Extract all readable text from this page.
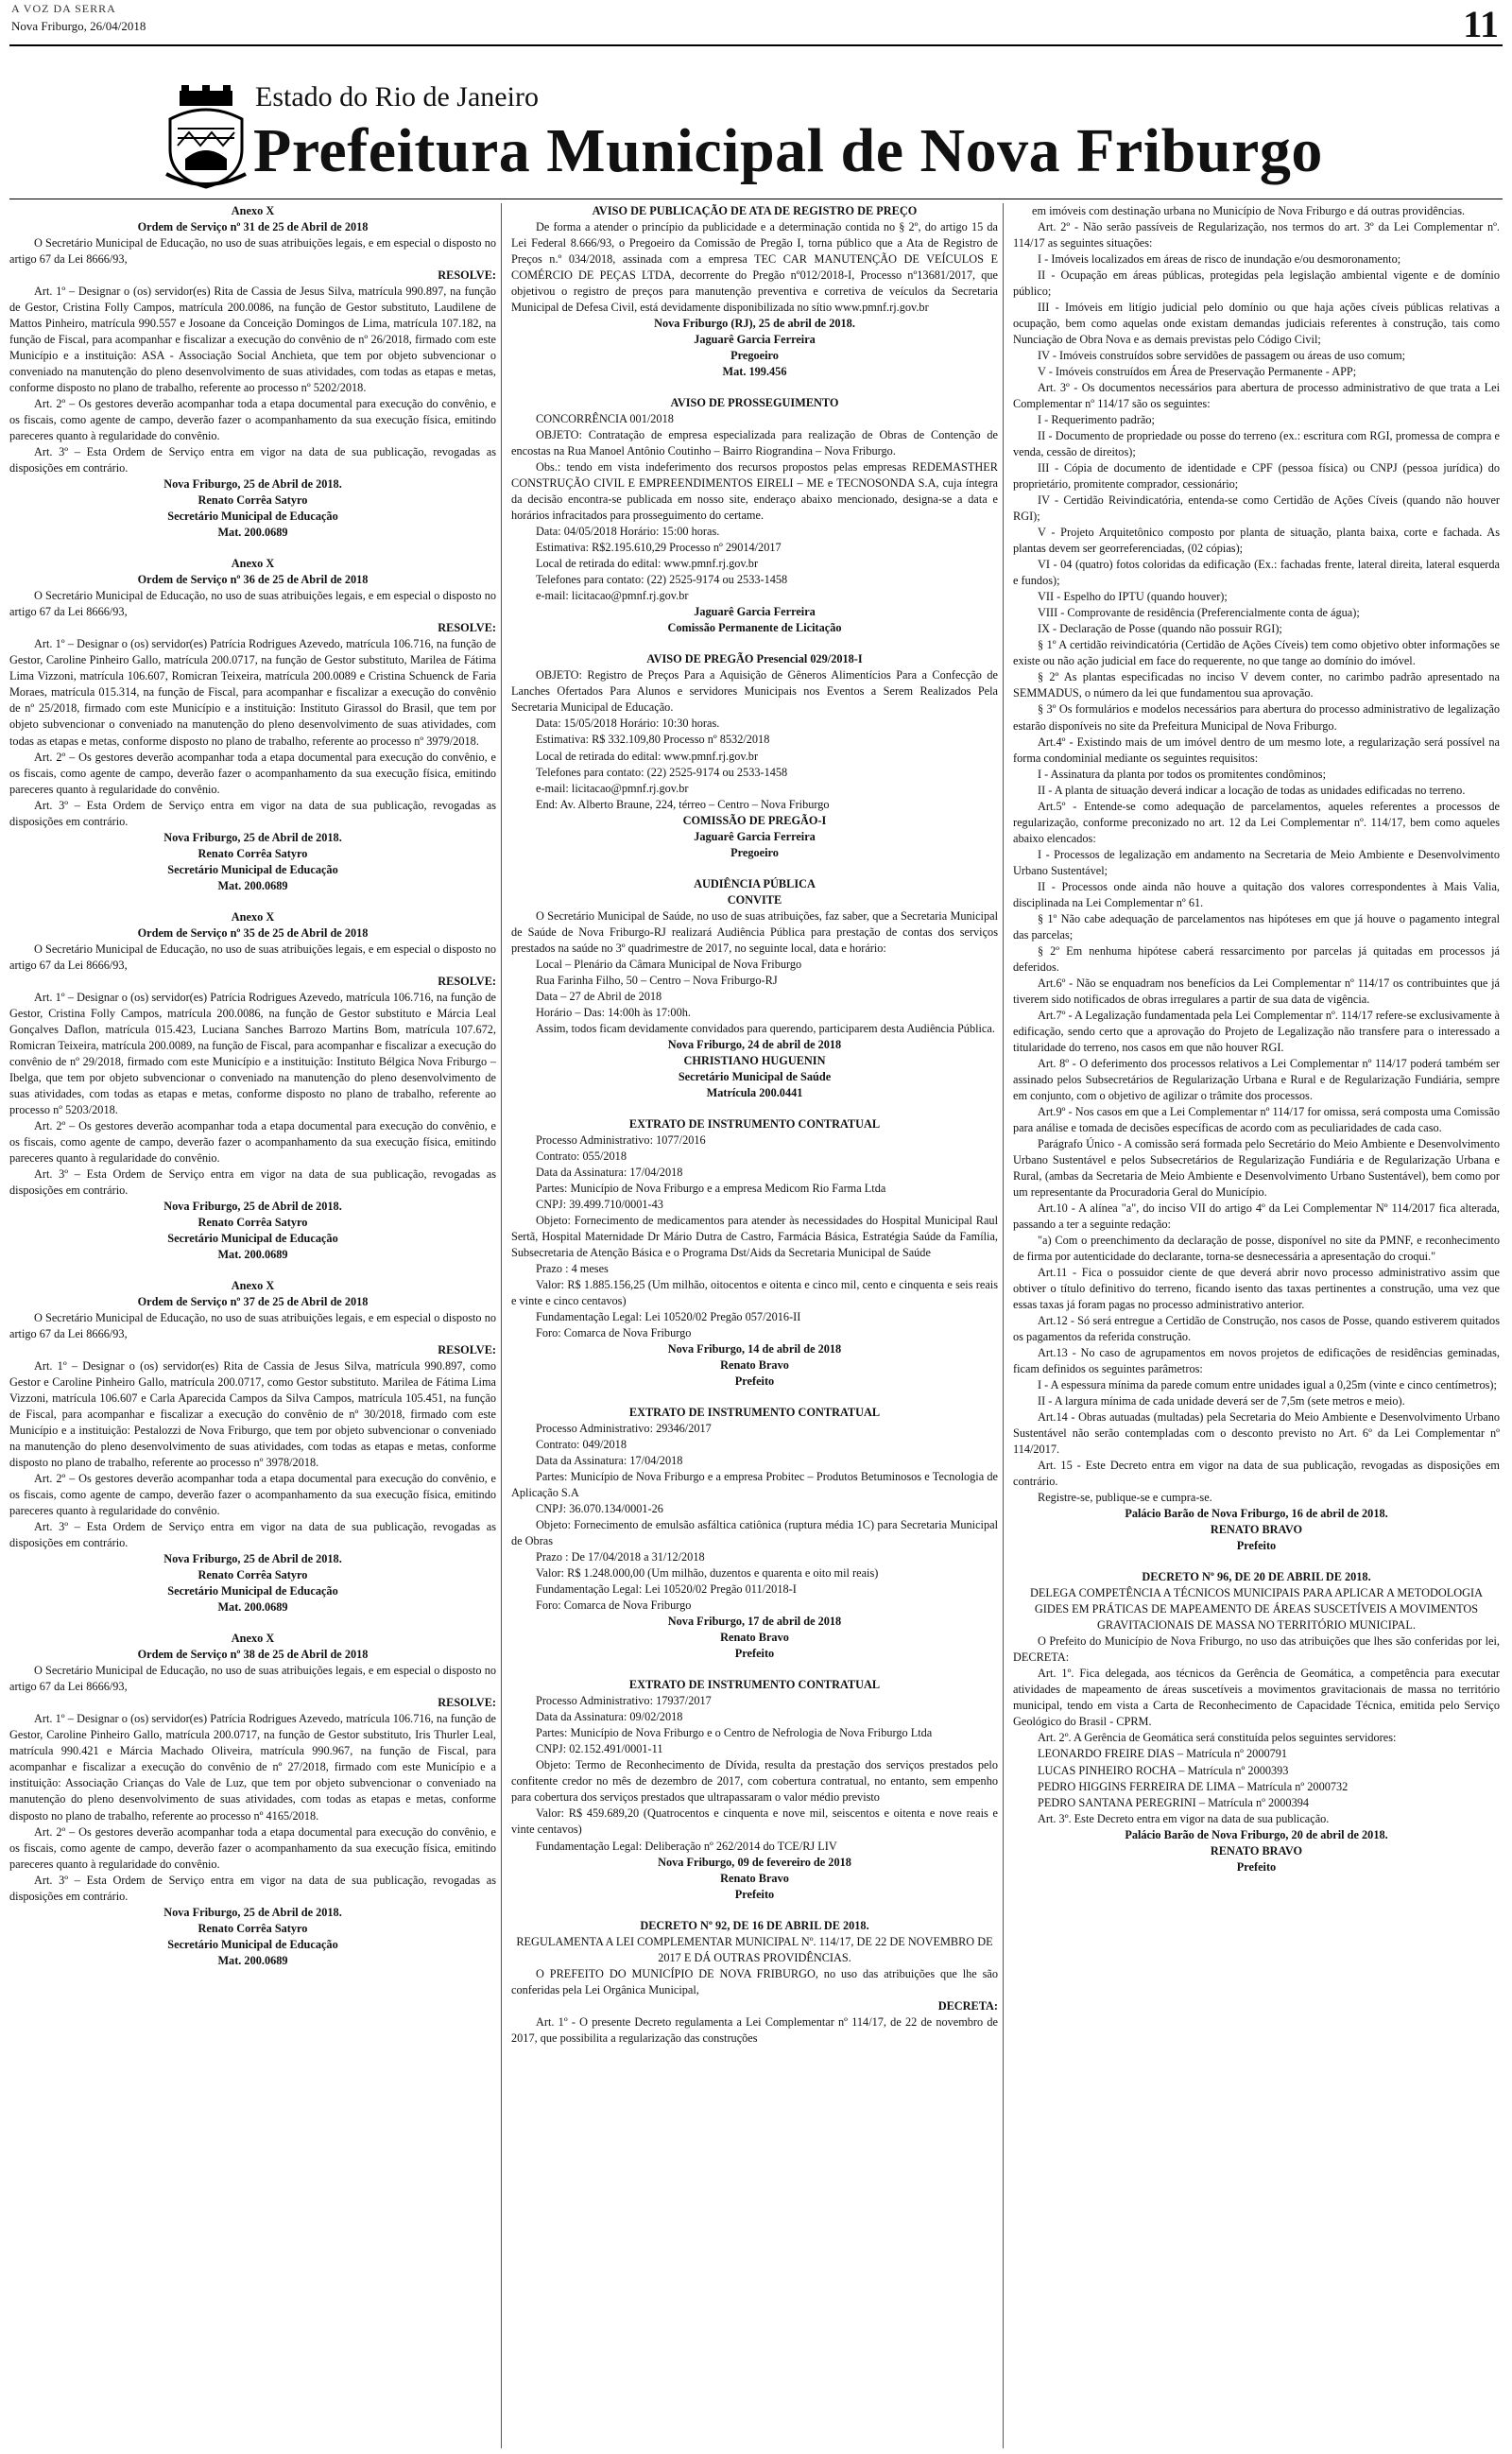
A VOZ DA SERRA
Nova Friburgo, 26/04/2018	11
Estado do Rio de Janeiro
Prefeitura Municipal de Nova Friburgo

Anexo X

Ordem de Serviço nº 31 de 25 de Abril de 2018

O Secretário Municipal de Educação, no uso de suas atribuições legais, e em especial o disposto no artigo 67 da Lei 8666/93,

RESOLVE:

Art. 1º – Designar o (os) servidor(es) Rita de Cassia de Jesus Silva, matrícula 990.897, na função de Gestor, Cristina Folly Campos, matrícula 200.0086, na função de Gestor substituto, Laudilene de Mattos Pinheiro, matrícula 990.557 e Josoane da Conceição Domingos de Lima, matrícula 107.182, na função de Fiscal, para acompanhar e fiscalizar a execução do convênio de nº 26/2018, firmado com este Município e a instituição: ASA - Associação Social Anchieta, que tem por objeto subvencionar o conveniado na manutenção do pleno desenvolvimento de suas atividades, com todas as etapas e metas, conforme disposto no plano de trabalho, referente ao processo nº 5202/2018.

Art. 2º – Os gestores deverão acompanhar toda a etapa documental para execução do convênio, e os fiscais, como agente de campo, deverão fazer o acompanhamento da sua execução física, emitindo pareceres quanto à regularidade do convênio.

Art. 3º – Esta Ordem de Serviço entra em vigor na data de sua publicação, revogadas as disposições em contrário.

Nova Friburgo, 25 de Abril de 2018.

Renato Corrêa Satyro

Secretário Municipal de Educação

Mat. 200.0689

Anexo X

Ordem de Serviço nº 36 de 25 de Abril de 2018

O Secretário Municipal de Educação, no uso de suas atribuições legais, e em especial o disposto no artigo 67 da Lei 8666/93,

RESOLVE:

Art. 1º – Designar o (os) servidor(es) Patrícia Rodrigues Azevedo, matrícula 106.716, na função de Gestor, Caroline Pinheiro Gallo, matrícula 200.0717, na função de Gestor substituto, Marilea de Fátima Lima Vizzoni, matrícula 106.607, Romicran Teixeira, matrícula 200.0089 e Cristina Schuenck de Faria Moraes, matrícula 015.314, na função de Fiscal, para acompanhar e fiscalizar a execução do convênio de nº 25/2018, firmado com este Município e a instituição: Instituto Girassol do Brasil, que tem por objeto subvencionar o conveniado na manutenção do pleno desenvolvimento de suas atividades, com todas as etapas e metas, conforme disposto no plano de trabalho, referente ao processo nº 3979/2018.

Art. 2º – Os gestores deverão acompanhar toda a etapa documental para execução do convênio, e os fiscais, como agente de campo, deverão fazer o acompanhamento da sua execução física, emitindo pareceres quanto à regularidade do convênio.

Art. 3º – Esta Ordem de Serviço entra em vigor na data de sua publicação, revogadas as disposições em contrário.

Nova Friburgo, 25 de Abril de 2018.

Renato Corrêa Satyro

Secretário Municipal de Educação

Mat. 200.0689

Anexo X

Ordem de Serviço nº 35 de 25 de Abril de 2018

O Secretário Municipal de Educação, no uso de suas atribuições legais, e em especial o disposto no artigo 67 da Lei 8666/93,

RESOLVE:

Art. 1º – Designar o (os) servidor(es) Patrícia Rodrigues Azevedo, matrícula 106.716, na função de Gestor, Cristina Folly Campos, matrícula 200.0086, na função de Gestor substituto e Márcia Leal Gonçalves Daflon, matrícula 015.423, Luciana Sanches Barrozo Martins Bom, matrícula 107.672, Romicran Teixeira, matrícula 200.0089, na função de Fiscal, para acompanhar e fiscalizar a execução do convênio de nº 29/2018, firmado com este Município e a instituição: Instituto Bélgica Nova Friburgo – Ibelga, que tem por objeto subvencionar o conveniado na manutenção do pleno desenvolvimento de suas atividades, com todas as etapas e metas, conforme disposto no plano de trabalho, referente ao processo nº 5203/2018.

Art. 2º – Os gestores deverão acompanhar toda a etapa documental para execução do convênio, e os fiscais, como agente de campo, deverão fazer o acompanhamento da sua execução física, emitindo pareceres quanto à regularidade do convênio.

Art. 3º – Esta Ordem de Serviço entra em vigor na data de sua publicação, revogadas as disposições em contrário.

Nova Friburgo, 25 de Abril de 2018.

Renato Corrêa Satyro

Secretário Municipal de Educação

Mat. 200.0689

Anexo X

Ordem de Serviço nº 37 de 25 de Abril de 2018

O Secretário Municipal de Educação, no uso de suas atribuições legais, e em especial o disposto no artigo 67 da Lei 8666/93,

RESOLVE:

Art. 1º – Designar o (os) servidor(es) Rita de Cassia de Jesus Silva, matrícula 990.897, como Gestor e Caroline Pinheiro Gallo, matrícula 200.0717, como Gestor substituto. Marilea de Fátima Lima Vizzoni, matrícula 106.607 e Carla Aparecida Campos da Silva Campos, matrícula 105.451, na função de Fiscal, para acompanhar e fiscalizar a execução do convênio de nº 30/2018, firmado com este Município e a instituição: Pestalozzi de Nova Friburgo, que tem por objeto subvencionar o conveniado na manutenção do pleno desenvolvimento de suas atividades, com todas as etapas e metas, conforme disposto no plano de trabalho, referente ao processo nº 3978/2018.

Art. 2º – Os gestores deverão acompanhar toda a etapa documental para execução do convênio, e os fiscais, como agente de campo, deverão fazer o acompanhamento da sua execução física, emitindo pareceres quanto à regularidade do convênio.

Art. 3º – Esta Ordem de Serviço entra em vigor na data de sua publicação, revogadas as disposições em contrário.

Nova Friburgo, 25 de Abril de 2018.

Renato Corrêa Satyro

Secretário Municipal de Educação

Mat. 200.0689

Anexo X

Ordem de Serviço nº 38 de 25 de Abril de 2018

O Secretário Municipal de Educação, no uso de suas atribuições legais, e em especial o disposto no artigo 67 da Lei 8666/93,

RESOLVE:

Art. 1º – Designar o (os) servidor(es) Patrícia Rodrigues Azevedo, matrícula 106.716, na função de Gestor, Caroline Pinheiro Gallo, matrícula 200.0717, na função de Gestor substituto, Iris Thurler Leal, matrícula 990.421 e Márcia Machado Oliveira, matrícula 990.967, na função de Fiscal, para acompanhar e fiscalizar a execução do convênio de nº 27/2018, firmado com este Município e a instituição: Associação Crianças do Vale de Luz, que tem por objeto subvencionar o conveniado na manutenção do pleno desenvolvimento de suas atividades, com todas as etapas e metas, conforme disposto no plano de trabalho, referente ao processo nº 4165/2018.

Art. 2º – Os gestores deverão acompanhar toda a etapa documental para execução do convênio, e os fiscais, como agente de campo, deverão fazer o acompanhamento da sua execução física, emitindo pareceres quanto à regularidade do convênio.

Art. 3º – Esta Ordem de Serviço entra em vigor na data de sua publicação, revogadas as disposições em contrário.

Nova Friburgo, 25 de Abril de 2018.

Renato Corrêa Satyro

Secretário Municipal de Educação

Mat. 200.0689

AVISO DE PUBLICAÇÃO DE ATA DE REGISTRO DE PREÇO

De forma a atender o princípio da publicidade e a determinação contida no § 2º, do artigo 15 da Lei Federal 8.666/93, o Pregoeiro da Comissão de Pregão I, torna público que a Ata de Registro de Preços n.º 034/2018, assinada com a empresa TEC CAR MANUTENÇÃO DE VEÍCULOS E COMÉRCIO DE PEÇAS LTDA, decorrente do Pregão nº012/2018-I, Processo nº13681/2017, que objetivou o registro de preços para manutenção preventiva e corretiva de veículos da Secretaria Municipal de Defesa Civil, está devidamente disponibilizada no sítio www.pmnf.rj.gov.br

Nova Friburgo (RJ), 25 de abril de 2018.

Jaguarê Garcia Ferreira

Pregoeiro

Mat. 199.456

AVISO DE PROSSEGUIMENTO

CONCORRÊNCIA 001/2018

OBJETO: Contratação de empresa especializada para realização de Obras de Contenção de encostas na Rua Manoel Antônio Coutinho – Bairro Riograndina – Nova Friburgo.

Obs.: tendo em vista indeferimento dos recursos propostos pelas empresas REDEMASTHER CONSTRUÇÃO CIVIL E EMPREENDIMENTOS EIRELI – ME e TECNOSONDA S.A, cuja íntegra da decisão encontra-se publicada em nosso site, enderaço abaixo mencionado, designa-se a data e horários infracitados para prosseguimento do certame.

Data: 04/05/2018 Horário: 15:00 horas.

Estimativa: R$2.195.610,29 Processo nº 29014/2017

Local de retirada do edital: www.pmnf.rj.gov.br

Telefones para contato: (22) 2525-9174 ou 2533-1458

e-mail: licitacao@pmnf.rj.gov.br

Jaguarê Garcia Ferreira

Comissão Permanente de Licitação

AVISO DE PREGÃO Presencial 029/2018-I

OBJETO: Registro de Preços Para a Aquisição de Gêneros Alimentícios Para a Confecção de Lanches Ofertados Para Alunos e servidores Municipais nos Eventos a Serem Realizados Pela Secretaria Municipal de Educação.

Data: 15/05/2018 Horário: 10:30 horas.

Estimativa: R$ 332.109,80 Processo nº 8532/2018

Local de retirada do edital: www.pmnf.rj.gov.br

Telefones para contato: (22) 2525-9174 ou 2533-1458

e-mail: licitacao@pmnf.rj.gov.br

End: Av. Alberto Braune, 224, térreo – Centro – Nova Friburgo

COMISSÃO DE PREGÃO-I

Jaguarê Garcia Ferreira

Pregoeiro

AUDIÊNCIA PÚBLICA

CONVITE

O Secretário Municipal de Saúde, no uso de suas atribuições, faz saber, que a Secretaria Municipal de Saúde de Nova Friburgo-RJ realizará Audiência Pública para prestação de contas dos serviços prestados na saúde no 3º quadrimestre de 2017, no seguinte local, data e horário:

Local – Plenário da Câmara Municipal de Nova Friburgo

Rua Farinha Filho, 50 – Centro – Nova Friburgo-RJ

Data – 27 de Abril de 2018

Horário – Das: 14:00h às 17:00h.

Assim, todos ficam devidamente convidados para querendo, participarem desta Audiência Pública.

Nova Friburgo, 24 de abril de 2018

CHRISTIANO HUGUENIN

Secretário Municipal de Saúde

Matrícula 200.0441

EXTRATO DE INSTRUMENTO CONTRATUAL

Processo Administrativo: 1077/2016

Contrato: 055/2018

Data da Assinatura: 17/04/2018

Partes: Município de Nova Friburgo e a empresa Medicom Rio Farma Ltda

CNPJ: 39.499.710/0001-43

Objeto: Fornecimento de medicamentos para atender às necessidades do Hospital Municipal Raul Sertã, Hospital Maternidade Dr Mário Dutra de Castro, Farmácia Básica, Estratégia Saúde da Família, Subsecretaria de Atenção Básica e o Programa Dst/Aids da Secretaria Municipal de Saúde

Prazo : 4 meses

Valor: R$ 1.885.156,25 (Um milhão, oitocentos e oitenta e cinco mil, cento e cinquenta e seis reais e vinte e cinco centavos)

Fundamentação Legal: Lei 10520/02 Pregão 057/2016-II

Foro: Comarca de Nova Friburgo

Nova Friburgo, 14 de abril de 2018

Renato Bravo

Prefeito

EXTRATO DE INSTRUMENTO CONTRATUAL

Processo Administrativo: 29346/2017

Contrato: 049/2018

Data da Assinatura: 17/04/2018

Partes: Município de Nova Friburgo e a empresa Probitec – Produtos Betuminosos e Tecnologia de Aplicação S.A

CNPJ: 36.070.134/0001-26

Objeto: Fornecimento de emulsão asfáltica catiônica (ruptura média 1C) para Secretaria Municipal de Obras

Prazo : De 17/04/2018 a 31/12/2018

Valor: R$ 1.248.000,00 (Um milhão, duzentos e quarenta e oito mil reais)

Fundamentação Legal: Lei 10520/02 Pregão 011/2018-I

Foro: Comarca de Nova Friburgo

Nova Friburgo, 17 de abril de 2018

Renato Bravo

Prefeito

EXTRATO DE INSTRUMENTO CONTRATUAL

Processo Administrativo: 17937/2017

Data da Assinatura: 09/02/2018

Partes: Município de Nova Friburgo e o Centro de Nefrologia de Nova Friburgo Ltda

CNPJ: 02.152.491/0001-11

Objeto: Termo de Reconhecimento de Dívida, resulta da prestação dos serviços prestados pelo confitente credor no mês de dezembro de 2017, com cobertura contratual, no entanto, sem empenho para cobertura dos serviços prestados que ultrapassaram o valor médio previsto

Valor: R$ 459.689,20 (Quatrocentos e cinquenta e nove mil, seiscentos e oitenta e nove reais e vinte centavos)

Fundamentação Legal: Deliberação nº 262/2014 do TCE/RJ LIV

Nova Friburgo, 09 de fevereiro de 2018

Renato Bravo

Prefeito

DECRETO Nº 92, DE 16 DE ABRIL DE 2018.

REGULAMENTA A LEI COMPLEMENTAR MUNICIPAL Nº. 114/17, DE 22 DE NOVEMBRO DE 2017 E DÁ OUTRAS PROVIDÊNCIAS.

O PREFEITO DO MUNICÍPIO DE NOVA FRIBURGO, no uso das atribuições que lhe são conferidas pela Lei Orgânica Municipal,

DECRETA:

Art. 1º - O presente Decreto regulamenta a Lei Complementar nº 114/17, de 22 de novembro de 2017, que possibilita a regularização das construções

em imóveis com destinação urbana no Município de Nova Friburgo e dá outras providências.

Art. 2º - Não serão passíveis de Regularização, nos termos do art. 3º da Lei Complementar nº. 114/17 as seguintes situações:

I - Imóveis localizados em áreas de risco de inundação e/ou desmoronamento;

II - Ocupação em áreas públicas, protegidas pela legislação ambiental vigente e de domínio público;

III - Imóveis em litígio judicial pelo domínio ou que haja ações cíveis públicas relativas a ocupação, bem como aquelas onde existam demandas judiciais referentes à construção, tais como Nunciação de Obra Nova e as demais previstas pelo Código Civil;

IV - Imóveis construídos sobre servidões de passagem ou áreas de uso comum;

V - Imóveis construídos em Área de Preservação Permanente - APP;

Art. 3º - Os documentos necessários para abertura de processo administrativo de que trata a Lei Complementar nº 114/17 são os seguintes:

I - Requerimento padrão;

II - Documento de propriedade ou posse do terreno (ex.: escritura com RGI, promessa de compra e venda, cessão de direitos);

III - Cópia de documento de identidade e CPF (pessoa física) ou CNPJ (pessoa jurídica) do proprietário, promitente comprador, cessionário;

IV - Certidão Reivindicatória, entenda-se como Certidão de Ações Cíveis (quando não houver RGI);

V - Projeto Arquitetônico composto por planta de situação, planta baixa, corte e fachada. As plantas devem ser georreferenciadas, (02 cópias);

VI - 04 (quatro) fotos coloridas da edificação (Ex.: fachadas frente, lateral direita, lateral esquerda e fundos);

VII - Espelho do IPTU (quando houver);

VIII - Comprovante de residência (Preferencialmente conta de água);

IX - Declaração de Posse (quando não possuir RGI);

§ 1º A certidão reivindicatória (Certidão de Ações Cíveis) tem como objetivo obter informações se existe ou não ação judicial em face do requerente, no que tange ao domínio do imóvel.

§ 2º As plantas especificadas no inciso V devem conter, no carimbo padrão apresentado na SEMMADUS, o número da lei que fundamentou sua aprovação.

§ 3º Os formulários e modelos necessários para abertura do processo administrativo de legalização estarão disponíveis no site da Prefeitura Municipal de Nova Friburgo.

Art.4º - Existindo mais de um imóvel dentro de um mesmo lote, a regularização será possível na forma condominial mediante os seguintes requisitos:

I - Assinatura da planta por todos os promitentes condôminos;

II - A planta de situação deverá indicar a locação de todas as unidades edificadas no terreno.

Art.5º - Entende-se como adequação de parcelamentos, aqueles referentes a processos de regularização, conforme preconizado no art. 12 da Lei Complementar nº. 114/17, bem como aqueles abaixo elencados:

I - Processos de legalização em andamento na Secretaria de Meio Ambiente e Desenvolvimento Urbano Sustentável;

II - Processos onde ainda não houve a quitação dos valores correspondentes à Mais Valia, disciplinada na Lei Complementar nº 61.

§ 1º Não cabe adequação de parcelamentos nas hipóteses em que já houve o pagamento integral das parcelas;

§ 2º Em nenhuma hipótese caberá ressarcimento por parcelas já quitadas em processos já deferidos.

Art.6º - Não se enquadram nos benefícios da Lei Complementar nº 114/17 os contribuintes que já tiverem sido notificados de obras irregulares a partir de sua data de vigência.

Art.7º - A Legalização fundamentada pela Lei Complementar nº. 114/17 refere-se exclusivamente à edificação, sendo certo que a aprovação do Projeto de Legalização não transfere para o interessado a titularidade do terreno, nos casos em que não houver RGI.

Art. 8º - O deferimento dos processos relativos a Lei Complementar nº 114/17 poderá também ser assinado pelos Subsecretários de Regularização Urbana e Rural e de Regularização Fundiária, sempre em conjunto, com o objetivo de agilizar o trâmite dos processos.

Art.9º - Nos casos em que a Lei Complementar nº 114/17 for omissa, será composta uma Comissão para análise e tomada de decisões específicas de acordo com as peculiaridades de cada caso.

Parágrafo Único - A comissão será formada pelo Secretário do Meio Ambiente e Desenvolvimento Urbano Sustentável e pelos Subsecretários de Regularização Fundiária e de Regularização Urbana e Rural, (ambas da Secretaria de Meio Ambiente e Desenvolvimento Urbano Sustentável), bem como por um representante da Procuradoria Geral do Município.

Art.10 - A alínea "a", do inciso VII do artigo 4º da Lei Complementar Nº 114/2017 fica alterada, passando a ter a seguinte redação:

"a) Com o preenchimento da declaração de posse, disponível no site da PMNF, e reconhecimento de firma por autenticidade do declarante, torna-se desnecessária a apresentação do croqui."

Art.11 - Fica o possuidor ciente de que deverá abrir novo processo administrativo assim que obtiver o título definitivo do terreno, ficando isento das taxas pertinentes a construção, uma vez que essas taxas já foram pagas no processo administrativo anterior.

Art.12 - Só será entregue a Certidão de Construção, nos casos de Posse, quando estiverem quitados os pagamentos da referida construção.

Art.13 - No caso de agrupamentos em novos projetos de edificações de residências geminadas, ficam definidos os seguintes parâmetros:

I - A espessura mínima da parede comum entre unidades igual a 0,25m (vinte e cinco centímetros);

II - A largura mínima de cada unidade deverá ser de 7,5m (sete metros e meio).

Art.14 - Obras autuadas (multadas) pela Secretaria do Meio Ambiente e Desenvolvimento Urbano Sustentável não serão contempladas com o desconto previsto no Art. 6º da Lei Complementar nº 114/2017.

Art. 15 - Este Decreto entra em vigor na data de sua publicação, revogadas as disposições em contrário.

Registre-se, publique-se e cumpra-se.

Palácio Barão de Nova Friburgo, 16 de abril de 2018.

RENATO BRAVO

Prefeito

DECRETO Nº 96, DE 20 DE ABRIL DE 2018.

DELEGA COMPETÊNCIA A TÉCNICOS MUNICIPAIS PARA APLICAR A METODOLOGIA GIDES EM PRÁTICAS DE MAPEAMENTO DE ÁREAS SUSCETÍVEIS A MOVIMENTOS GRAVITACIONAIS DE MASSA NO TERRITÓRIO MUNICIPAL.

O Prefeito do Município de Nova Friburgo, no uso das atribuições que lhes são conferidas por lei, DECRETA:

Art. 1º. Fica delegada, aos técnicos da Gerência de Geomática, a competência para executar atividades de mapeamento de áreas suscetíveis a movimentos gravitacionais de massa no território municipal, tendo em vista a Carta de Reconhecimento de Capacidade Técnica, emitida pelo Serviço Geológico do Brasil - CPRM.

Art. 2º. A Gerência de Geomática será constituída pelos seguintes servidores:

LEONARDO FREIRE DIAS – Matrícula nº 2000791

LUCAS PINHEIRO ROCHA – Matrícula nº 2000393

PEDRO HIGGINS FERREIRA DE LIMA – Matrícula nº 2000732

PEDRO SANTANA PEREGRINI – Matrícula nº 2000394

Art. 3º. Este Decreto entra em vigor na data de sua publicação.

Palácio Barão de Nova Friburgo, 20 de abril de 2018.

RENATO BRAVO

Prefeito
